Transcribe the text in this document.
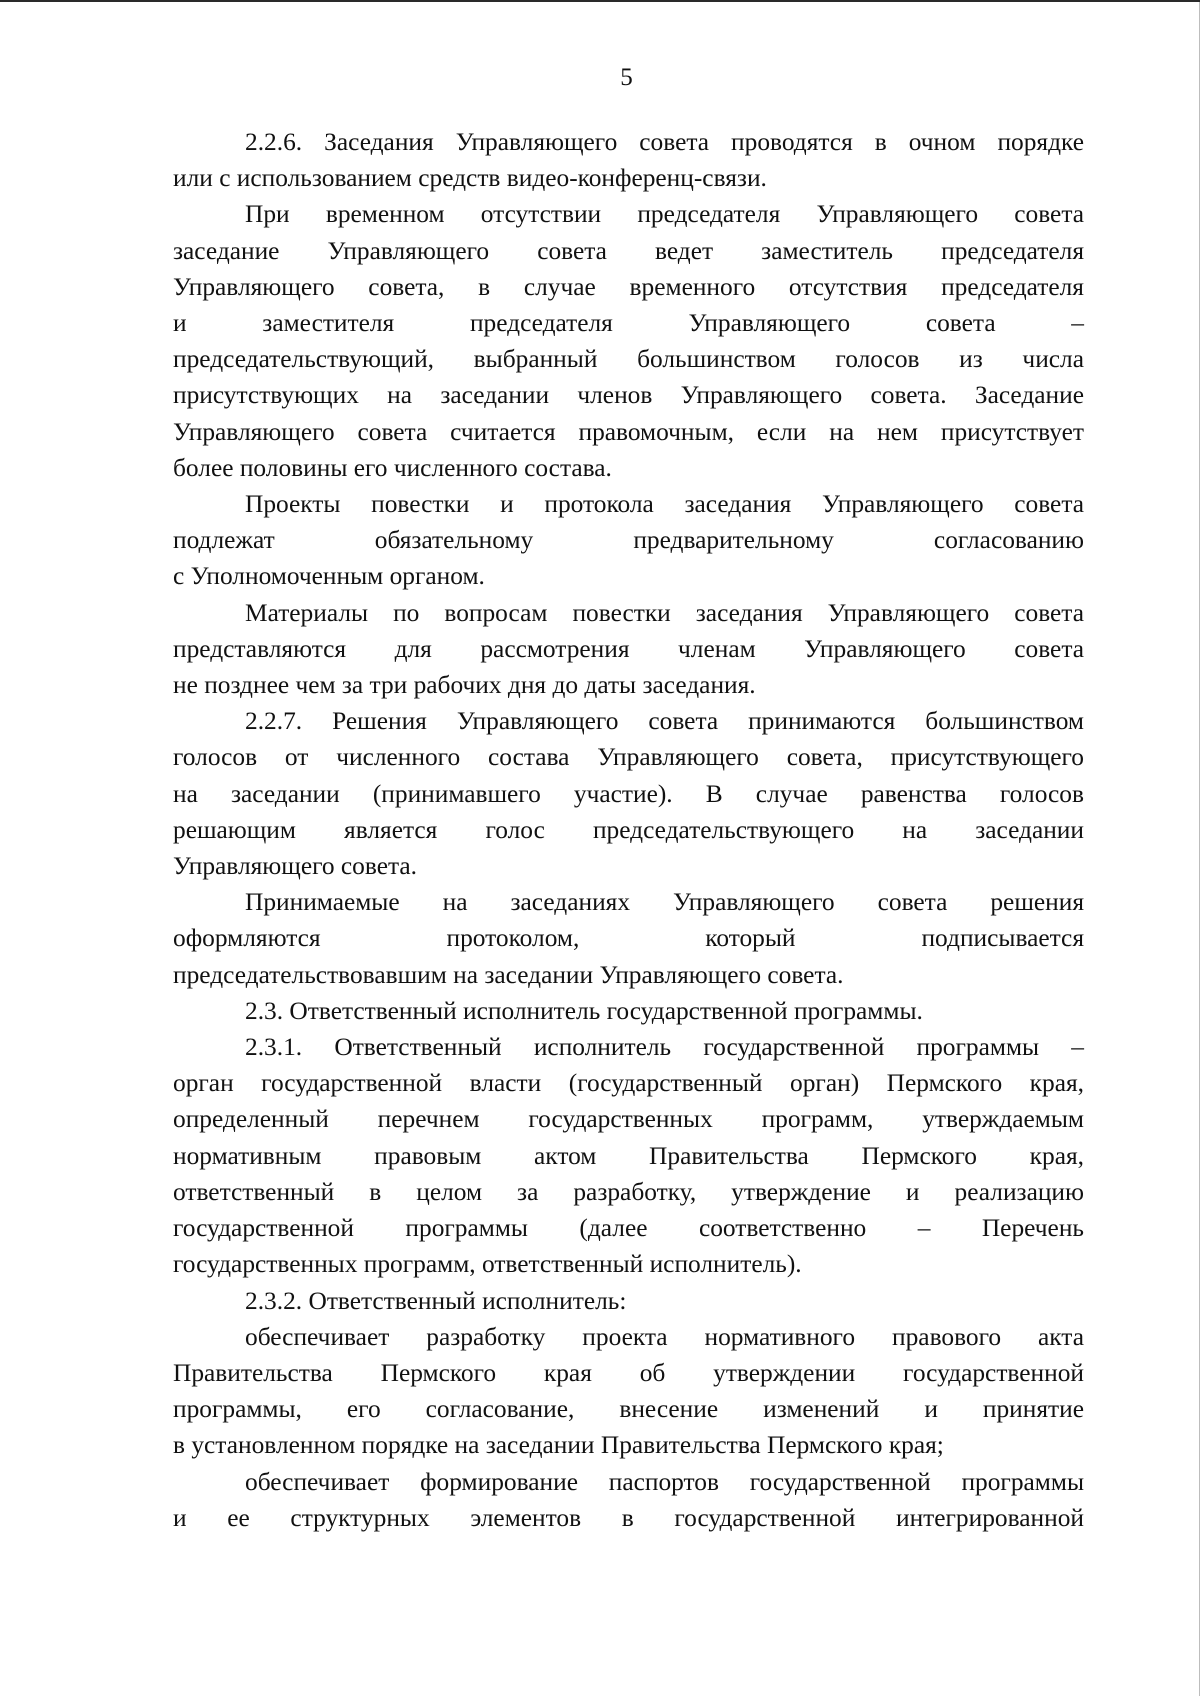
5

2.2.6. Заседания Управляющего совета проводятся в очном порядке
или с использованием средств видео-конференц-связи.
При временном отсутствии председателя Управляющего совета
заседание Управляющего совета ведет заместитель председателя
Управляющего совета, в случае временного отсутствия председателя
и заместителя председателя Управляющего совета –
председательствующий, выбранный большинством голосов из числа
присутствующих на заседании членов Управляющего совета. Заседание
Управляющего совета считается правомочным, если на нем присутствует
более половины его численного состава.
Проекты повестки и протокола заседания Управляющего совета
подлежат обязательному предварительному согласованию
с Уполномоченным органом.
Материалы по вопросам повестки заседания Управляющего совета
представляются для рассмотрения членам Управляющего совета
не позднее чем за три рабочих дня до даты заседания.
2.2.7. Решения Управляющего совета принимаются большинством
голосов от численного состава Управляющего совета, присутствующего
на заседании (принимавшего участие). В случае равенства голосов
решающим является голос председательствующего на заседании
Управляющего совета.
Принимаемые на заседаниях Управляющего совета решения
оформляются протоколом, который подписывается
председательствовавшим на заседании Управляющего совета.
2.3. Ответственный исполнитель государственной программы.
2.3.1. Ответственный исполнитель государственной программы –
орган государственной власти (государственный орган) Пермского края,
определенный перечнем государственных программ, утверждаемым
нормативным правовым актом Правительства Пермского края,
ответственный в целом за разработку, утверждение и реализацию
государственной программы (далее соответственно – Перечень
государственных программ, ответственный исполнитель).
2.3.2. Ответственный исполнитель:
обеспечивает разработку проекта нормативного правового акта
Правительства Пермского края об утверждении государственной
программы, его согласование, внесение изменений и принятие
в установленном порядке на заседании Правительства Пермского края;
обеспечивает формирование паспортов государственной программы
и ее структурных элементов в государственной интегрированной
